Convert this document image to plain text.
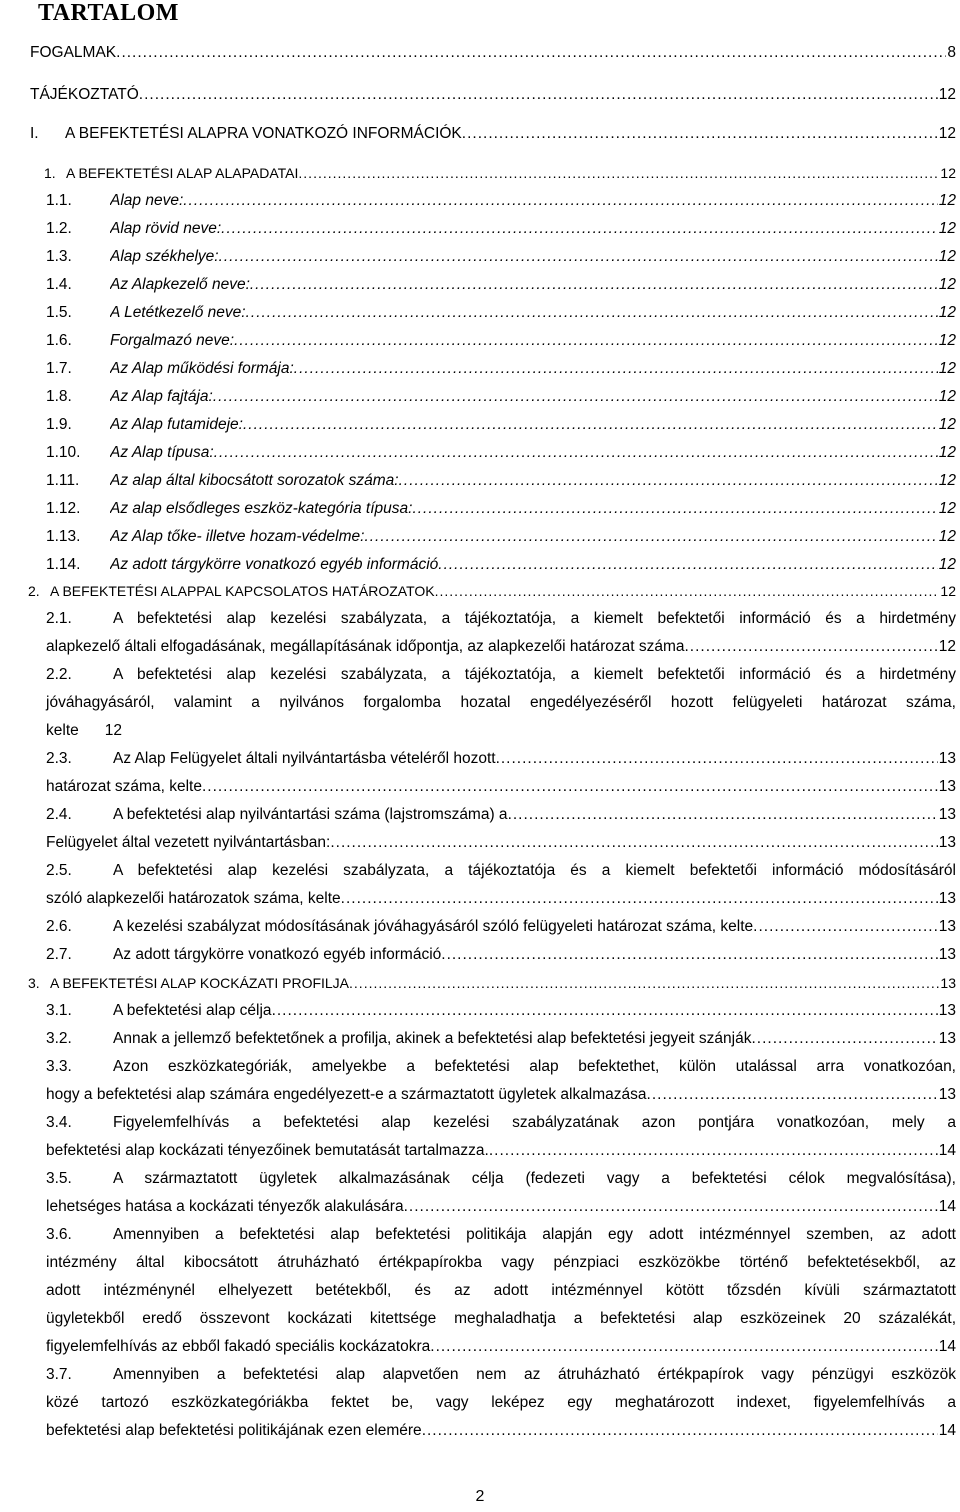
TARTALOM
FOGALMAK .....	8
TÁJÉKOZTATÓ .....	12
I. A BEFEKTETÉSI ALAPRA VONATKOZÓ INFORMÁCIÓK .....	12
1. A BEFEKTETÉSI ALAP ALAPADATAI .....	12
1.1. Alap neve: .....	12
1.2. Alap rövid neve: .....	12
1.3. Alap székhelye: .....	12
1.4. Az Alapkezelő neve: .....	12
1.5. A Letétkezelő neve: .....	12
1.6. Forgalmazó neve: .....	12
1.7. Az Alap működési formája: .....	12
1.8. Az Alap fajtája: .....	12
1.9. Az Alap futamideje: .....	12
1.10. Az Alap típusa: .....	12
1.11. Az alap által kibocsátott sorozatok száma: .....	12
1.12. Az alap elsődleges eszköz-kategória típusa: .....	12
1.13. Az Alap tőke- illetve hozam-védelme: .....	12
1.14. Az adott tárgykörre vonatkozó egyéb információ .....	12
2. A BEFEKTETÉSI ALAPPAL KAPCSOLATOS HATÁROZATOK .....	12
2.1.	A befektetési alap kezelési szabályzata, a tájékoztatója, a kiemelt befektetői információ és a hirdetmény
alapkezelő általi elfogadásának, megállapításának időpontja, az alapkezelői határozat száma .....	12
2.2.	A befektetési alap kezelési szabályzata, a tájékoztatója, a kiemelt befektetői információ és a hirdetmény
jóváhagyásáról, valamint a nyilvános forgalomba hozatal engedélyezéséről hozott felügyeleti határozat száma,
kelte 12
2.3.	Az Alap Felügyelet általi nyilvántartásba vételéről hozott .....	13
határozat száma, kelte .....	13
2.4.	A befektetési alap nyilvántartási száma (lajstromszáma) a .....	13
Felügyelet által vezetett nyilvántartásban: .....	13
2.5.	A befektetési alap kezelési szabályzata, a tájékoztatója és a kiemelt befektetői információ módosításáról
szóló alapkezelői határozatok száma, kelte .....	13
2.6.	A kezelési szabályzat módosításának jóváhagyásáról szóló felügyeleti határozat száma, kelte .....	13
2.7.	Az adott tárgykörre vonatkozó egyéb információ .....	13
3. A BEFEKTETÉSI ALAP KOCKÁZATI PROFILJA .....	13
3.1.	A befektetési alap célja .....	13
3.2.	Annak a jellemző befektetőnek a profilja, akinek a befektetési alap befektetési jegyeit szánják .....	13
3.3.	Azon eszközkategóriák, amelyekbe a befektetési alap befektethet, külön utalással arra vonatkozóan,
hogy a befektetési alap számára engedélyezett-e a származtatott ügyletek alkalmazása .....	13
3.4.	Figyelemfelhívás a befektetési alap kezelési szabályzatának azon pontjára vonatkozóan, mely a
befektetési alap kockázati tényezőinek bemutatását tartalmazza. .....	14
3.5.	A származtatott ügyletek alkalmazásának célja (fedezeti vagy a befektetési célok megvalósítása),
lehetséges hatása a kockázati tényezők alakulására .....	14
3.6.	Amennyiben a befektetési alap befektetési politikája alapján egy adott intézménnyel szemben, az adott
intézmény által kibocsátott átruházható értékpapírokba vagy pénzpiaci eszközökbe történő befektetésekből, az
adott intézménynél elhelyezett betétekből, és az adott intézménnyel kötött tőzsdén kívüli származtatott
ügyletekből eredő összevont kockázati kitettsége meghaladhatja a befektetési alap eszközeinek 20 százalékát,
figyelemfelhívás az ebből fakadó speciális kockázatokra .....	14
3.7.	Amennyiben a befektetési alap alapvetően nem az átruházható értékpapírok vagy pénzügyi eszközök
közé tartozó eszközkategóriákba fektet be, vagy leképez egy meghatározott indexet, figyelemfelhívás a
befektetési alap befektetési politikájának ezen elemére .....	14
2
